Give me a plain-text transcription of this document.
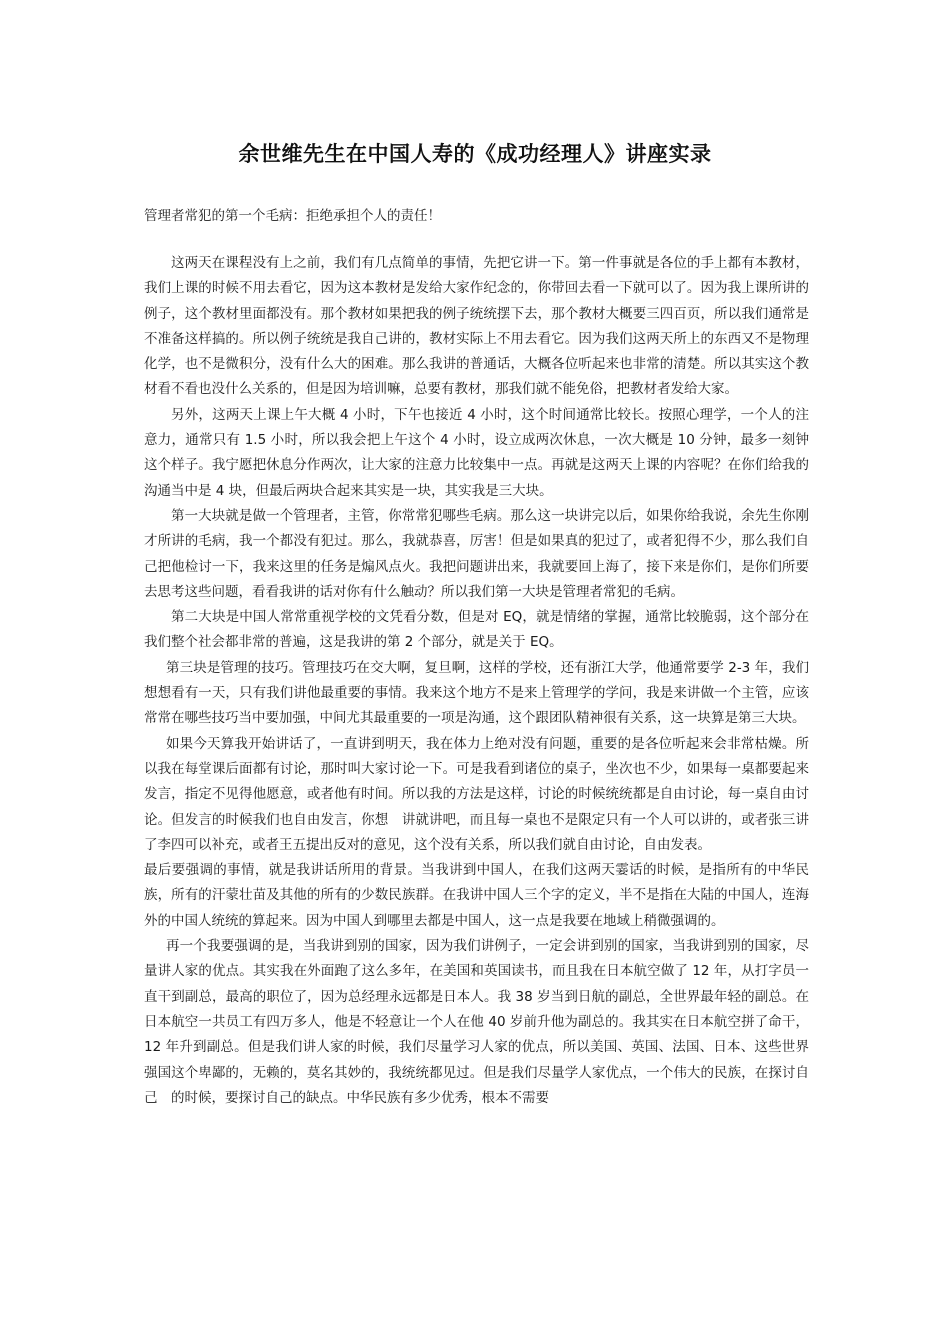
余世维先生在中国人寿的《成功经理人》讲座实录

管理者常犯的第一个毛病：拒绝承担个人的责任！

这两天在课程没有上之前，我们有几点简单的事情，先把它讲一下。第一件事就是各位的手上都有本教材，我们上课的时候不用去看它，因为这本教材是发给大家作纪念的，你带回去看一下就可以了。因为我上课所讲的例子，这个教材里面都没有。那个教材如果把我的例子统统摆下去，那个教材大概要三四百页，所以我们通常是不准备这样搞的。所以例子统统是我自己讲的，教材实际上不用去看它。因为我们这两天所上的东西又不是物理化学，也不是微积分，没有什么大的困难。那么我讲的普通话，大概各位听起来也非常的清楚。所以其实这个教材看不看也没什么关系的，但是因为培训嘛，总要有教材，那我们就不能免俗，把教材者发给大家。

另外，这两天上课上午大概 4 小时，下午也接近 4 小时，这个时间通常比较长。按照心理学，一个人的注意力，通常只有 1.5 小时，所以我会把上午这个 4 小时，设立成两次休息，一次大概是 10 分钟，最多一刻钟这个样子。我宁愿把休息分作两次，让大家的注意力比较集中一点。再就是这两天上课的内容呢？在你们给我的沟通当中是 4 块，但最后两块合起来其实是一块，其实我是三大块。

第一大块就是做一个管理者，主管，你常常犯哪些毛病。那么这一块讲完以后，如果你给我说，余先生你刚才所讲的毛病，我一个都没有犯过。那么，我就恭喜，厉害！但是如果真的犯过了，或者犯得不少，那么我们自己把他检讨一下，我来这里的任务是煽风点火。我把问题讲出来，我就要回上海了，接下来是你们，是你们所要去思考这些问题，看看我讲的话对你有什么触动？所以我们第一大块是管理者常犯的毛病。

第二大块是中国人常常重视学校的文凭看分数，但是对 EQ，就是情绪的掌握，通常比较脆弱，这个部分在我们整个社会都非常的普遍，这是我讲的第 2 个部分，就是关于 EQ。

第三块是管理的技巧。管理技巧在交大啊，复旦啊，这样的学校，还有浙江大学，他通常要学 2-3 年，我们想想看有一天，只有我们讲他最重要的事情。我来这个地方不是来上管理学的学问，我是来讲做一个主管，应该常常在哪些技巧当中要加强，中间尤其最重要的一项是沟通，这个跟团队精神很有关系，这一块算是第三大块。

如果今天算我开始讲话了，一直讲到明天，我在体力上绝对没有问题，重要的是各位听起来会非常枯燥。所以我在每堂课后面都有讨论，那时叫大家讨论一下。可是我看到诸位的桌子，坐次也不少，如果每一桌都要起来发言，指定不见得他愿意，或者他有时间。所以我的方法是这样，讨论的时候统统都是自由讨论，每一桌自由讨论。但发言的时候我们也自由发言，你想　讲就讲吧，而且每一桌也不是限定只有一个人可以讲的，或者张三讲了李四可以补充，或者王五提出反对的意见，这个没有关系，所以我们就自由讨论，自由发表。

最后要强调的事情，就是我讲话所用的背景。当我讲到中国人，在我们这两天霎话的时候，是指所有的中华民族，所有的汗蒙壮苗及其他的所有的少数民族群。在我讲中国人三个字的定义，半不是指在大陆的中国人，连海外的中国人统统的算起来。因为中国人到哪里去都是中国人，这一点是我要在地域上稍微强调的。

再一个我要强调的是，当我讲到别的国家，因为我们讲例子，一定会讲到别的国家，当我讲到别的国家，尽量讲人家的优点。其实我在外面跑了这么多年，在美国和英国读书，而且我在日本航空做了 12 年，从打字员一直干到副总，最高的职位了，因为总经理永远都是日本人。我 38 岁当到日航的副总，全世界最年轻的副总。在日本航空一共员工有四万多人，他是不轻意让一个人在他 40 岁前升他为副总的。我其实在日本航空拼了命干，12 年升到副总。但是我们讲人家的时候，我们尽量学习人家的优点，所以美国、英国、法国、日本、这些世界强国这个卑鄙的，无赖的，莫名其妙的，我统统都见过。但是我们尽量学人家优点，一个伟大的民族，在探讨自己　的时候，要探讨自己的缺点。中华民族有多少优秀，根本不需要
